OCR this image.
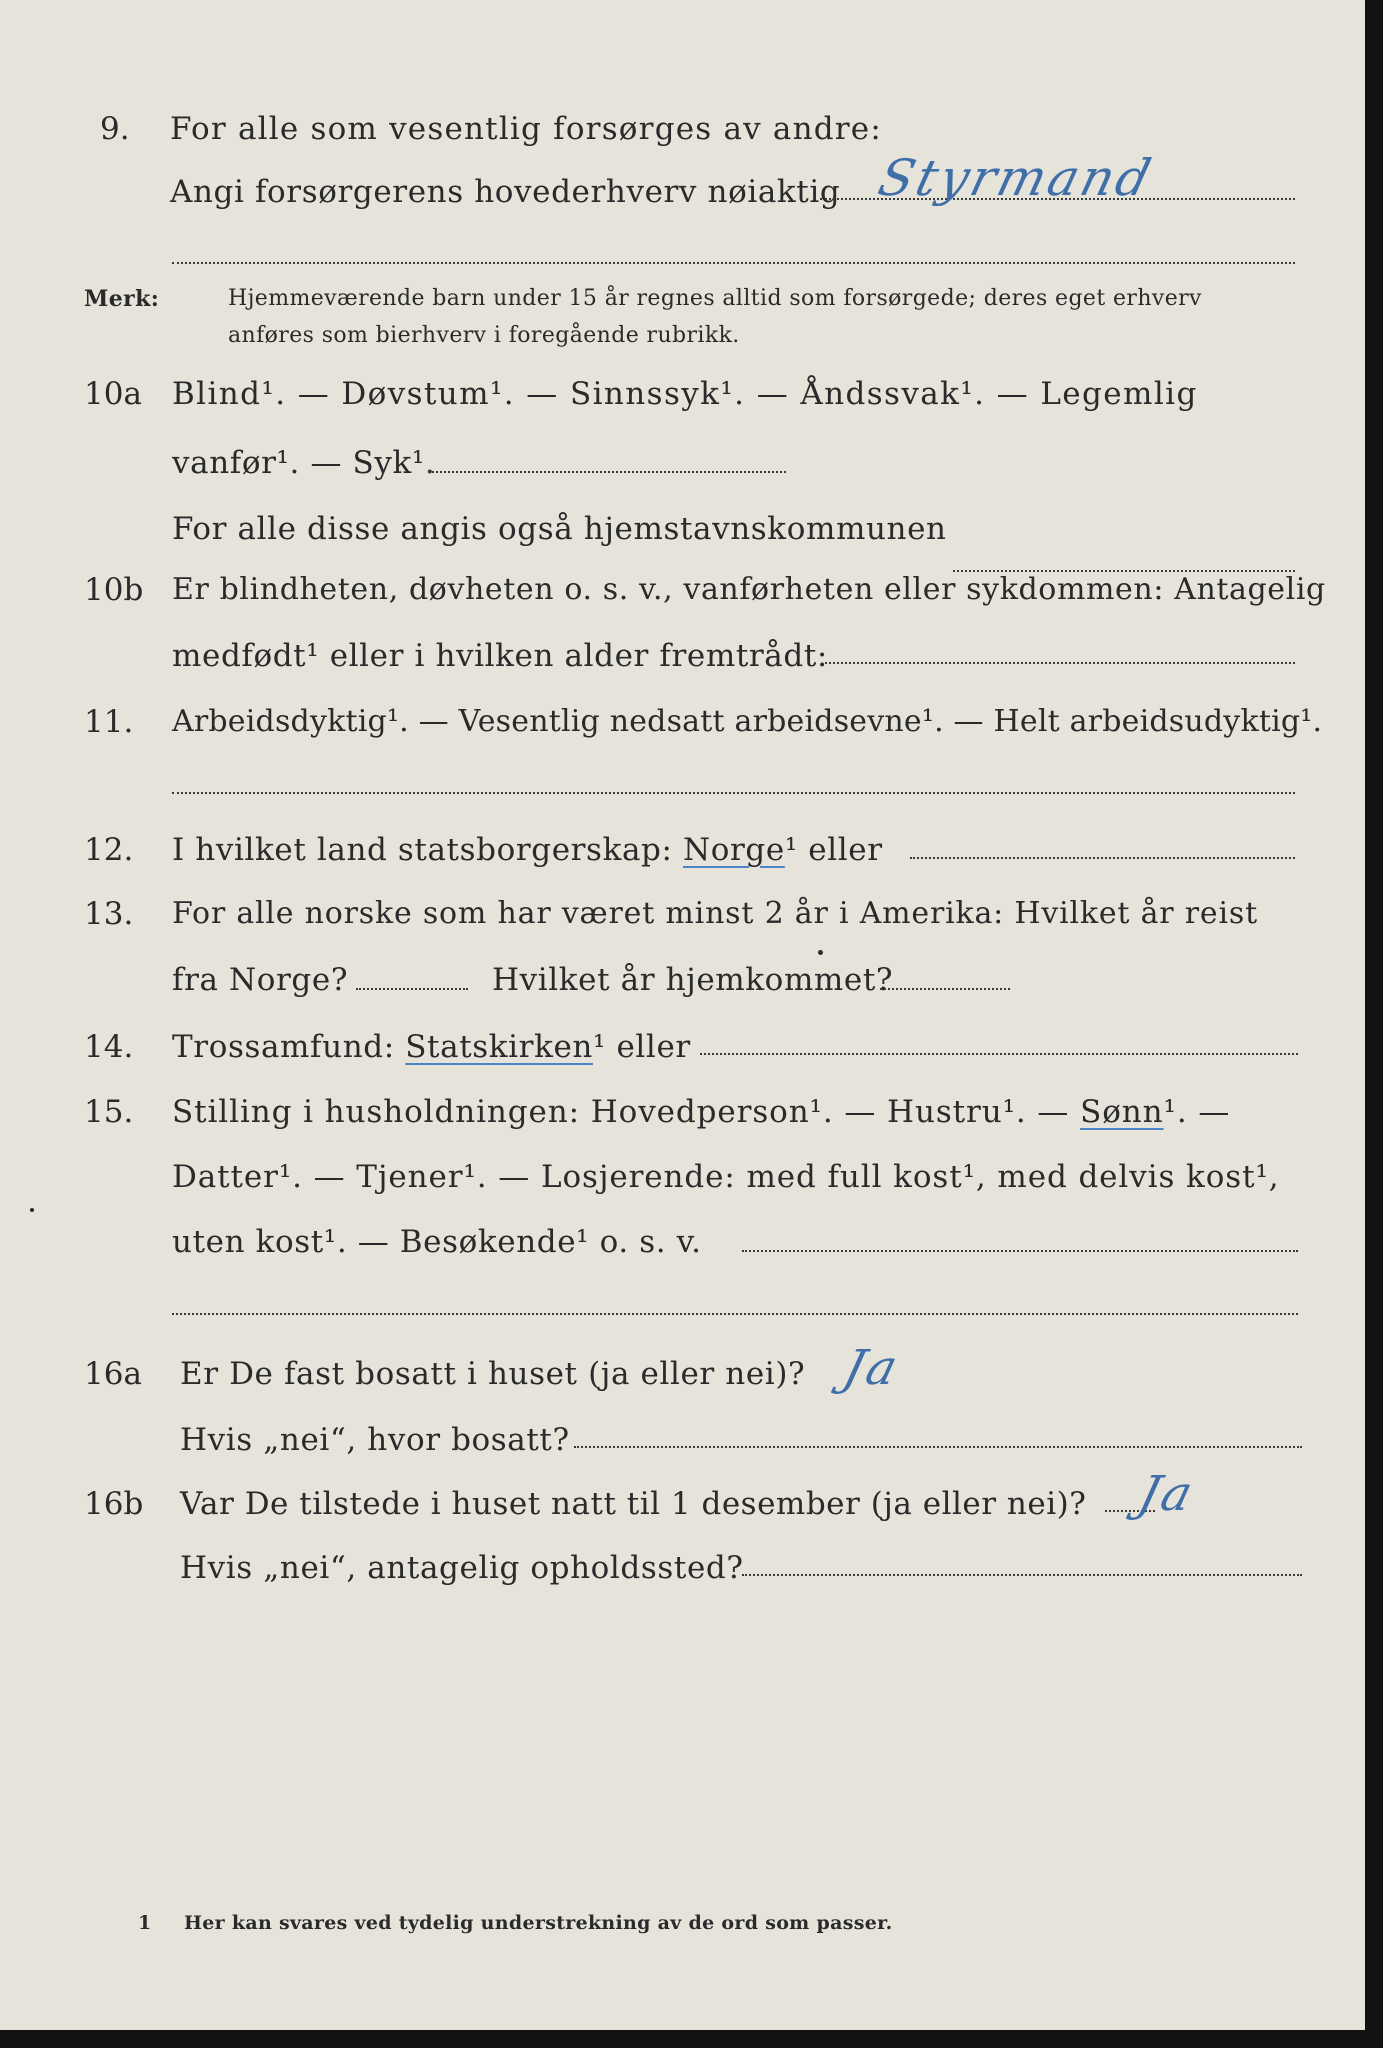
9. For alle som vesentlig forsørges av andre:
Angi forsørgerens hovederhverv nøiaktig Styrmand
Merk:	Hjemmeværende barn under 15 år regnes alltid som forsørgede; deres eget erhverv
anføres som bierhverv i foregående rubrikk.
10a Blind¹. — Døvstum¹. — Sinnssyk¹. — Åndssvak¹. — Legemlig
vanfør¹. — Syk¹.
For alle disse angis også hjemstavnskommunen
10b Er blindheten, døvheten o. s. v., vanførheten eller sykdommen: Antagelig
medfødt¹ eller i hvilken alder fremtrådt:
11. Arbeidsdyktig¹. — Vesentlig nedsatt arbeidsevne¹. — Helt arbeidsudyktig¹.
12. I hvilket land statsborgerskap: Norge¹ eller
13. For alle norske som har været minst 2 år i Amerika: Hvilket år reist
fra Norge?	Hvilket år hjemkommet?
14. Trossamfund: Statskirken¹ eller
15. Stilling i husholdningen: Hovedperson¹. — Hustru¹. — Sønn¹. —
Datter¹. — Tjener¹. — Losjerende: med full kost¹, med delvis kost¹,
uten kost¹. — Besøkende¹ o. s. v.
16a Er De fast bosatt i huset (ja eller nei)? Ja
Hvis „nei“, hvor bosatt?
16b Var De tilstede i huset natt til 1 desember (ja eller nei)? Ja
Hvis „nei“, antagelig opholdssted?
1 Her kan svares ved tydelig understrekning av de ord som passer.
